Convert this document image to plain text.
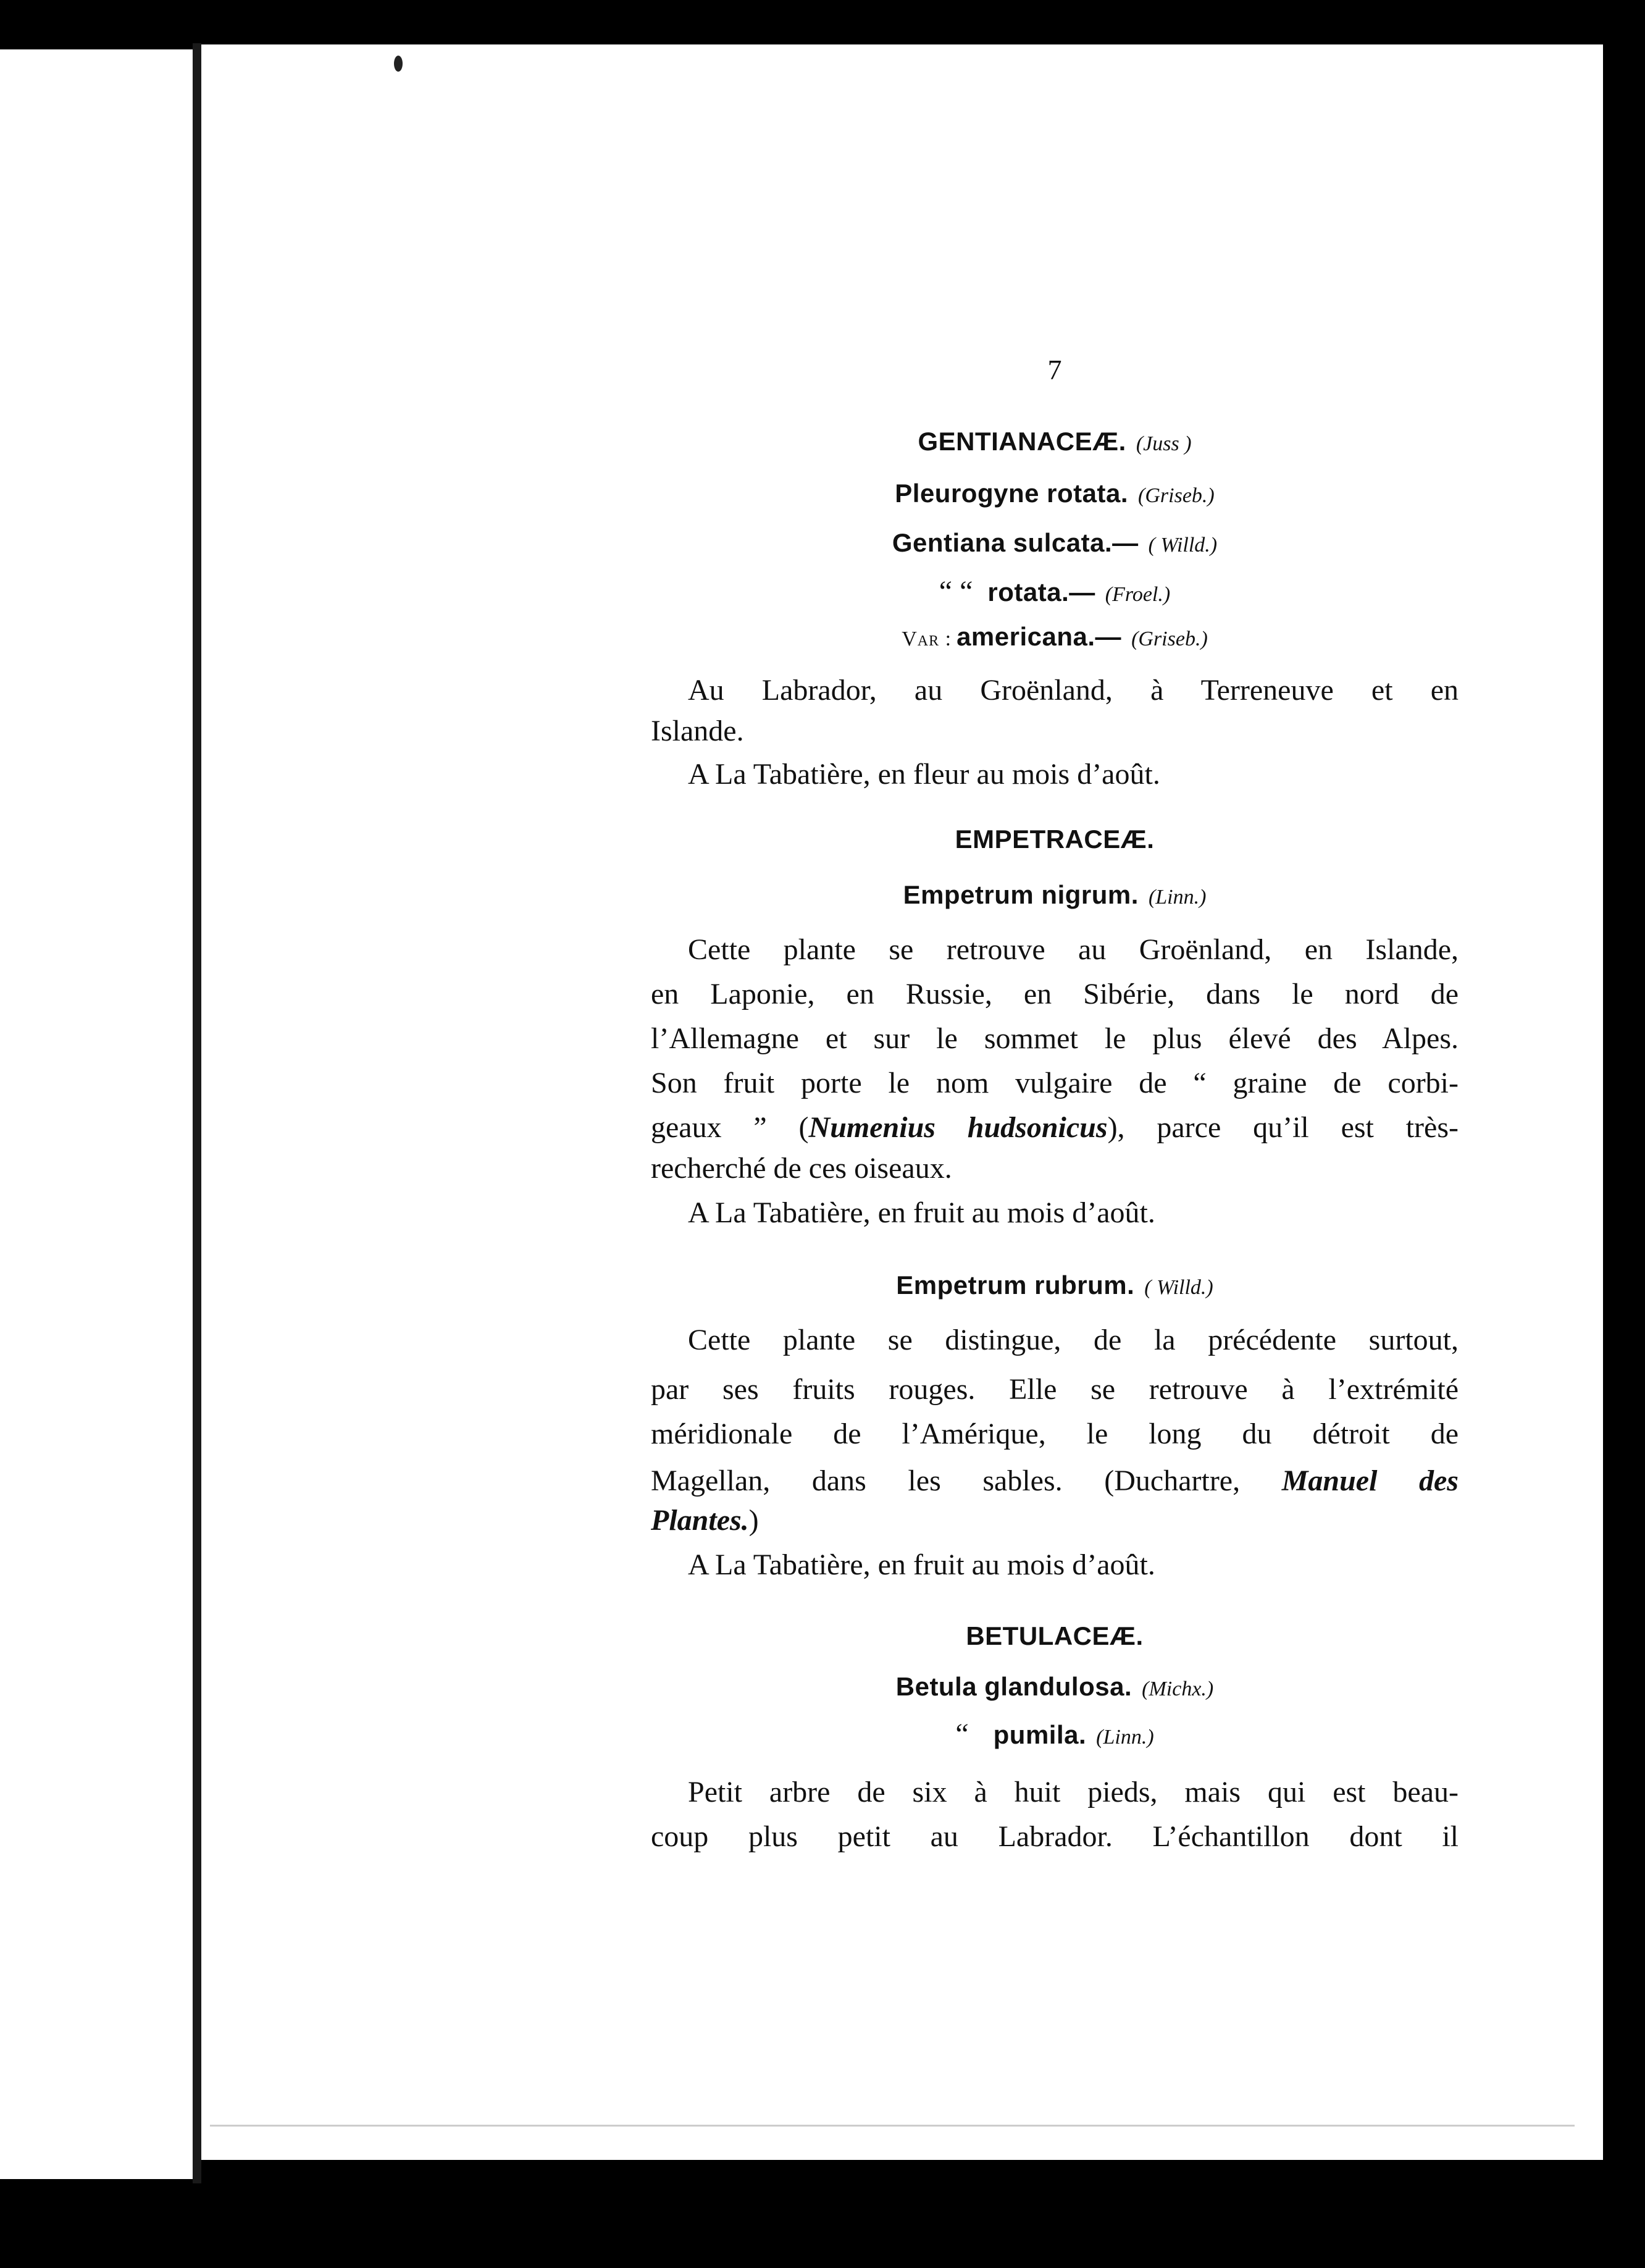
7
GENTIANACEÆ. (Juss )
Pleurogyne rotata. (Griseb.)
Gentiana sulcata.— ( Willd.)
“ “ rotata.— (Froel.)
Var : americana.— (Griseb.)
Au Labrador, au Groënland, à Terreneuve et en
Islande.
A La Tabatière, en fleur au mois d’août.
EMPETRACEÆ.
Empetrum nigrum. (Linn.)
Cette plante se retrouve au Groënland, en Islande,
en Laponie, en Russie, en Sibérie, dans le nord de
l’Allemagne et sur le sommet le plus élevé des Alpes.
Son fruit porte le nom vulgaire de “ graine de corbi-
geaux ” (Numenius hudsonicus), parce qu’il est très-
recherché de ces oiseaux.
A La Tabatière, en fruit au mois d’août.
Empetrum rubrum. ( Willd.)
Cette plante se distingue, de la précédente surtout,
par ses fruits rouges. Elle se retrouve à l’extrémité
méridionale de l’Amérique, le long du détroit de
Magellan, dans les sables. (Duchartre, Manuel des
Plantes.)
A La Tabatière, en fruit au mois d’août.
BETULACEÆ.
Betula glandulosa. (Michx.)
“ pumila. (Linn.)
Petit arbre de six à huit pieds, mais qui est beau-
coup plus petit au Labrador. L’échantillon dont il
